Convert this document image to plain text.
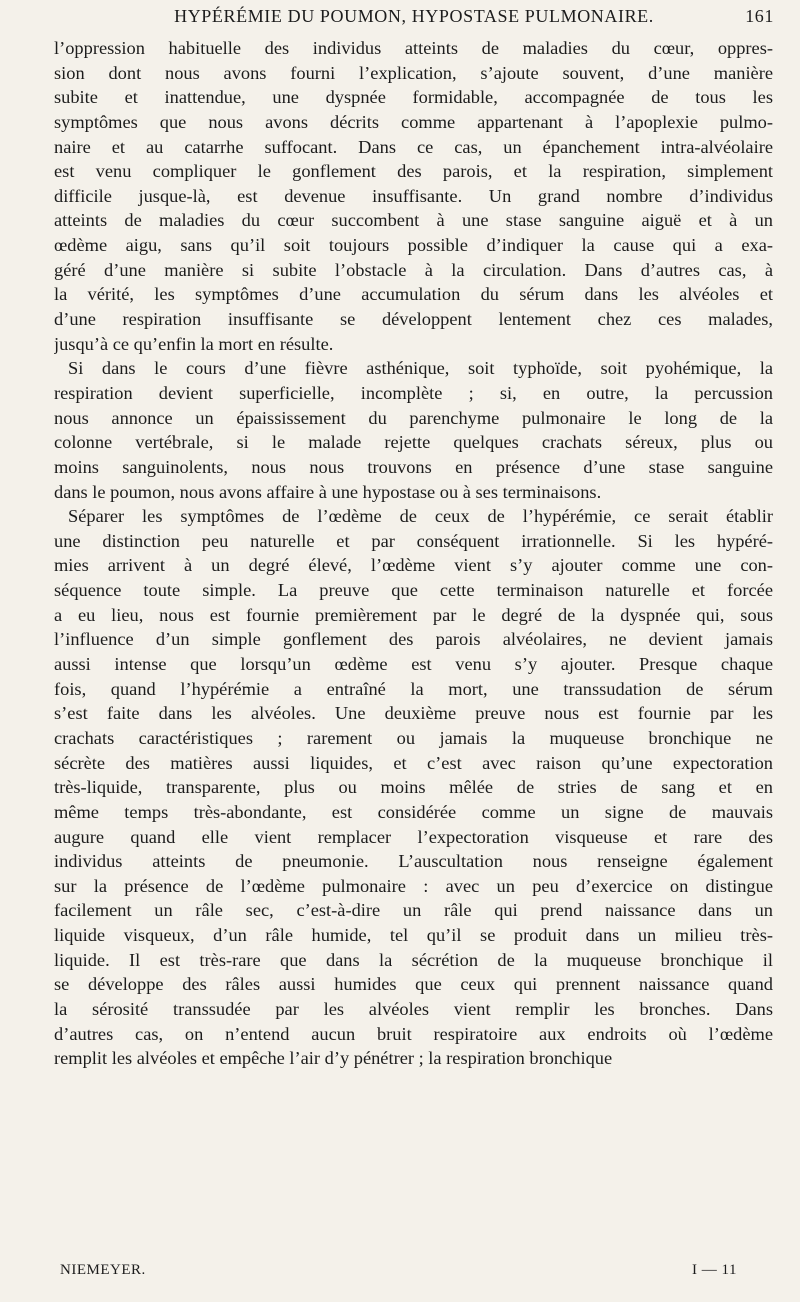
HYPÉRÉMIE DU POUMON, HYPOSTASE PULMONAIRE.	161
l’oppression habituelle des individus atteints de maladies du cœur, oppres-
sion dont nous avons fourni l’explication, s’ajoute souvent, d’une manière
subite et inattendue, une dyspnée formidable, accompagnée de tous les
symptômes que nous avons décrits comme appartenant à l’apoplexie pulmo-
naire et au catarrhe suffocant. Dans ce cas, un épanchement intra-alvéolaire
est venu compliquer le gonflement des parois, et la respiration, simplement
difficile jusque-là, est devenue insuffisante. Un grand nombre d’individus
atteints de maladies du cœur succombent à une stase sanguine aiguë et à un
œdème aigu, sans qu’il soit toujours possible d’indiquer la cause qui a exa-
géré d’une manière si subite l’obstacle à la circulation. Dans d’autres cas, à
la vérité, les symptômes d’une accumulation du sérum dans les alvéoles et
d’une respiration insuffisante se développent lentement chez ces malades,
jusqu’à ce qu’enfin la mort en résulte.
Si dans le cours d’une fièvre asthénique, soit typhoïde, soit pyohémique, la
respiration devient superficielle, incomplète ; si, en outre, la percussion
nous annonce un épaississement du parenchyme pulmonaire le long de la
colonne vertébrale, si le malade rejette quelques crachats séreux, plus ou
moins sanguinolents, nous nous trouvons en présence d’une stase sanguine
dans le poumon, nous avons affaire à une hypostase ou à ses terminaisons.
Séparer les symptômes de l’œdème de ceux de l’hypérémie, ce serait établir
une distinction peu naturelle et par conséquent irrationnelle. Si les hypéré-
mies arrivent à un degré élevé, l’œdème vient s’y ajouter comme une con-
séquence toute simple. La preuve que cette terminaison naturelle et forcée
a eu lieu, nous est fournie premièrement par le degré de la dyspnée qui, sous
l’influence d’un simple gonflement des parois alvéolaires, ne devient jamais
aussi intense que lorsqu’un œdème est venu s’y ajouter. Presque chaque
fois, quand l’hypérémie a entraîné la mort, une transsudation de sérum
s’est faite dans les alvéoles. Une deuxième preuve nous est fournie par les
crachats caractéristiques ; rarement ou jamais la muqueuse bronchique ne
sécrète des matières aussi liquides, et c’est avec raison qu’une expectoration
très-liquide, transparente, plus ou moins mêlée de stries de sang et en
même temps très-abondante, est considérée comme un signe de mauvais
augure quand elle vient remplacer l’expectoration visqueuse et rare des
individus atteints de pneumonie. L’auscultation nous renseigne également
sur la présence de l’œdème pulmonaire : avec un peu d’exercice on distingue
facilement un râle sec, c’est-à-dire un râle qui prend naissance dans un
liquide visqueux, d’un râle humide, tel qu’il se produit dans un milieu très-
liquide. Il est très-rare que dans la sécrétion de la muqueuse bronchique il
se développe des râles aussi humides que ceux qui prennent naissance quand
la sérosité transsudée par les alvéoles vient remplir les bronches. Dans
d’autres cas, on n’entend aucun bruit respiratoire aux endroits où l’œdème
remplit les alvéoles et empêche l’air d’y pénétrer ; la respiration bronchique
NIEMEYER.	I — 11
